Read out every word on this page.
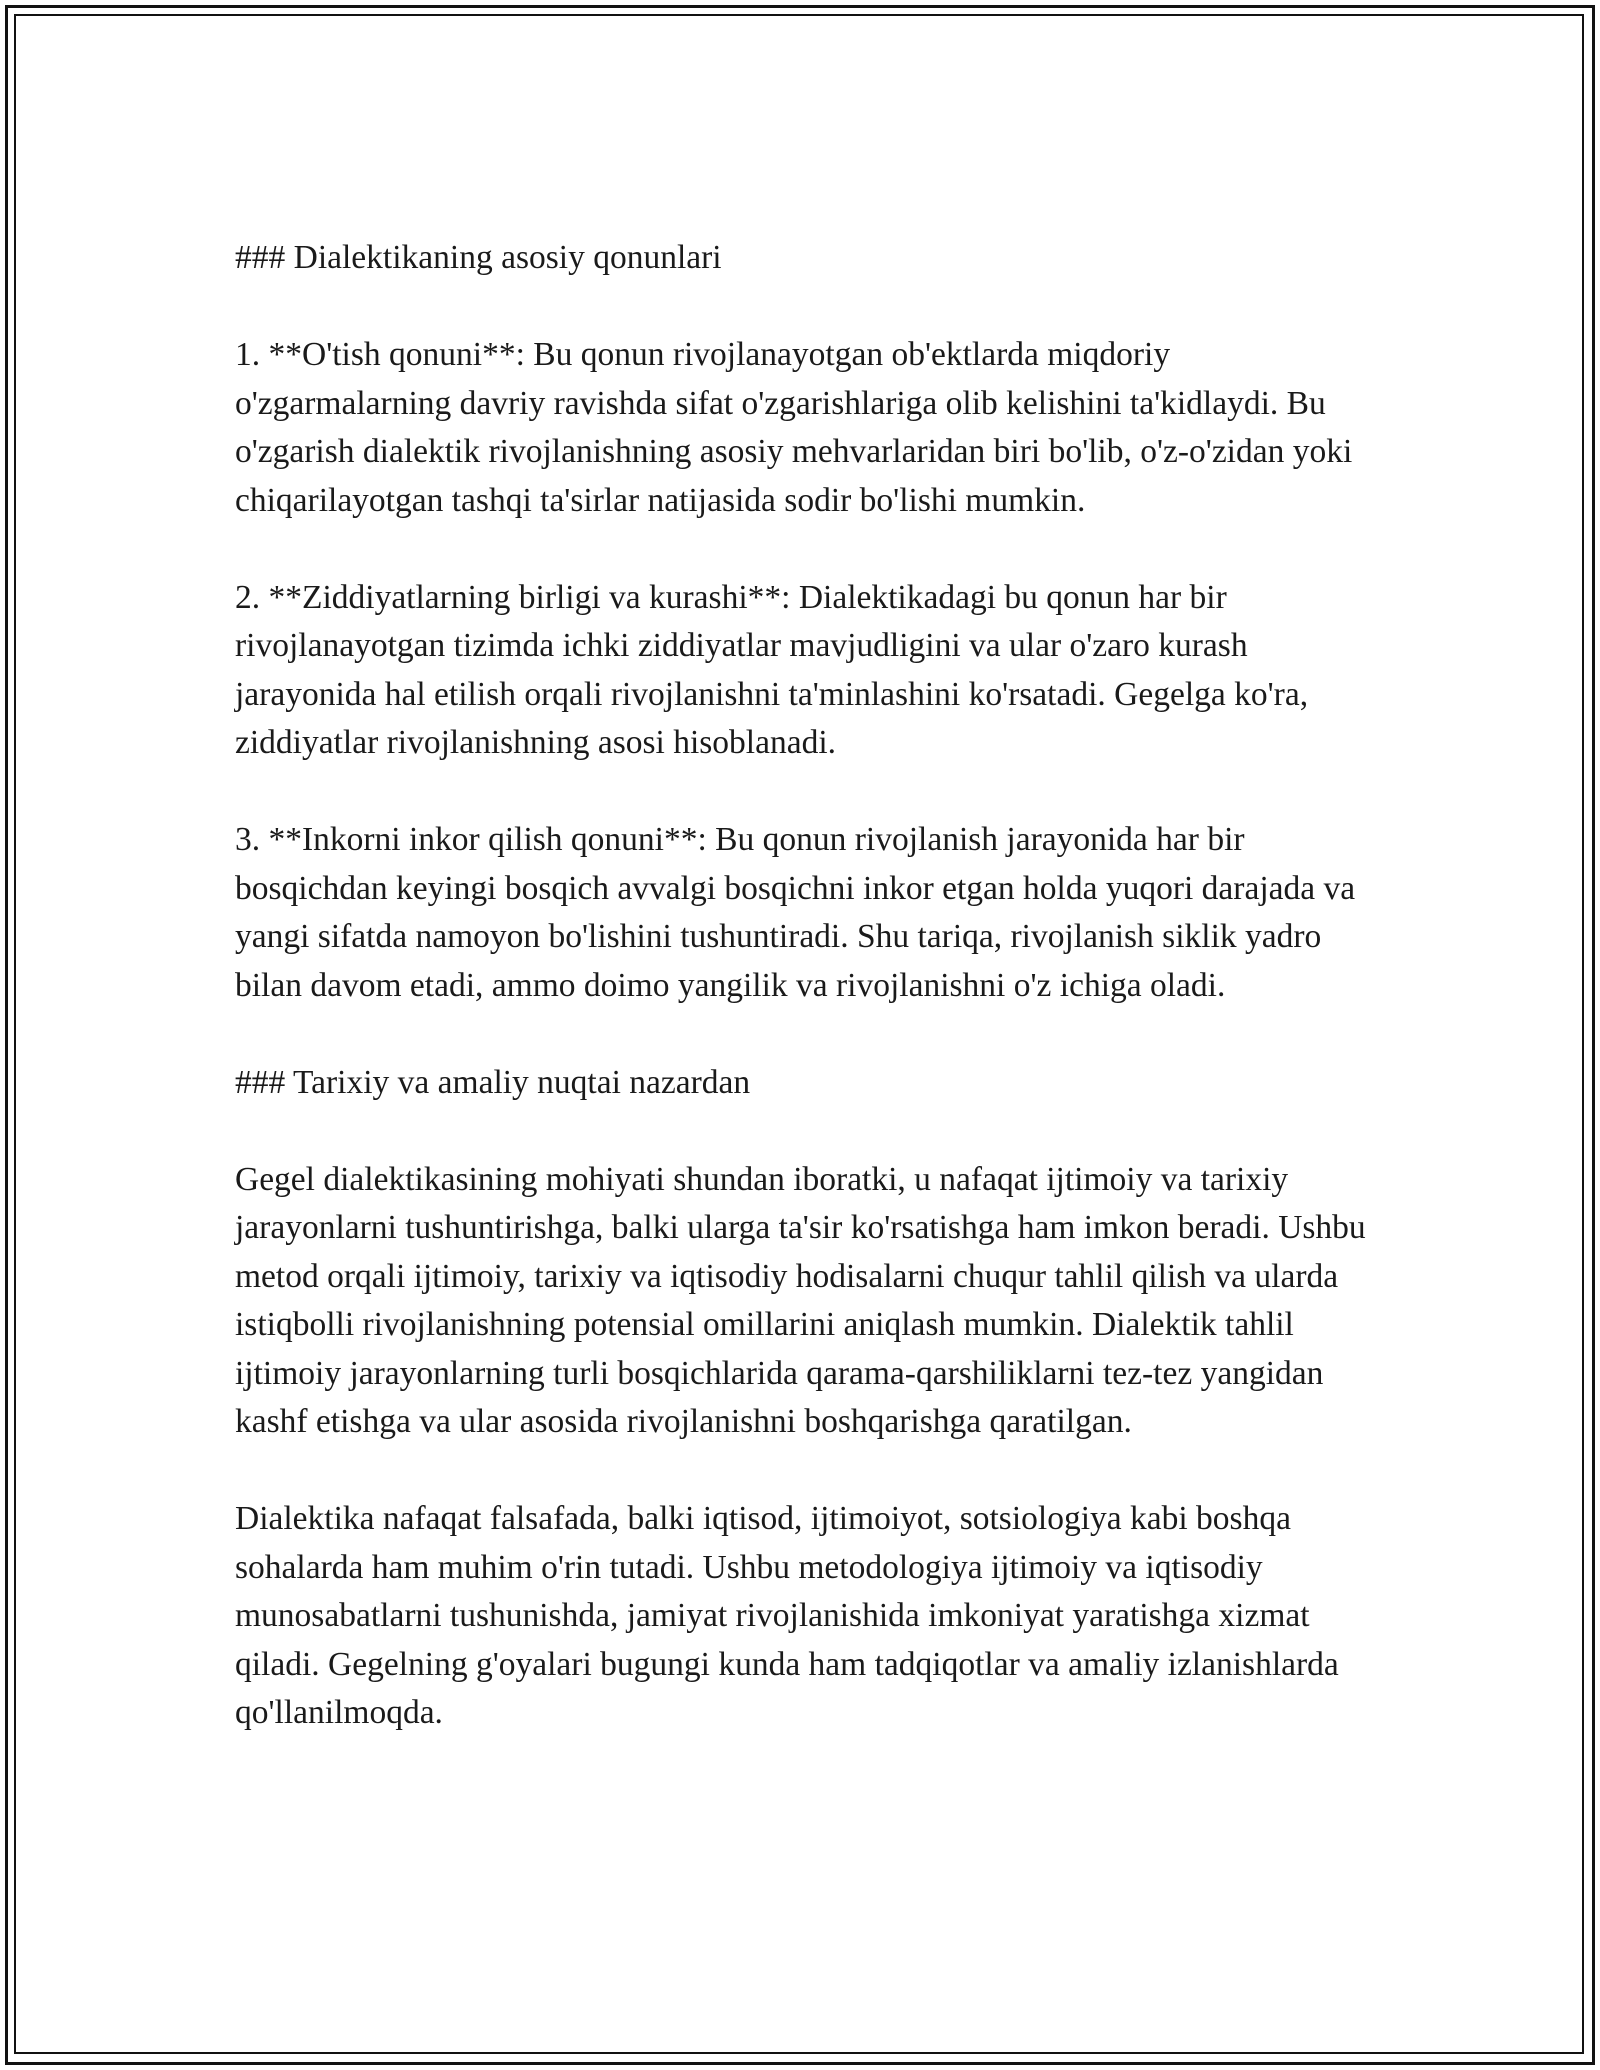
### Dialektikaning asosiy qonunlari

1. **O'tish qonuni**: Bu qonun rivojlanayotgan ob'ektlarda miqdoriy o'zgarmalarning davriy ravishda sifat o'zgarishlariga olib kelishini ta'kidlaydi. Bu o'zgarish dialektik rivojlanishning asosiy mehvarlaridan biri bo'lib, o'z-o'zidan yoki chiqarilayotgan tashqi ta'sirlar natijasida sodir bo'lishi mumkin.

2. **Ziddiyatlarning birligi va kurashi**: Dialektikadagi bu qonun har bir rivojlanayotgan tizimda ichki ziddiyatlar mavjudligini va ular o'zaro kurash jarayonida hal etilish orqali rivojlanishni ta'minlashini ko'rsatadi. Gegelga ko'ra, ziddiyatlar rivojlanishning asosi hisoblanadi.

3. **Inkorni inkor qilish qonuni**: Bu qonun rivojlanish jarayonida har bir bosqichdan keyingi bosqich avvalgi bosqichni inkor etgan holda yuqori darajada va yangi sifatda namoyon bo'lishini tushuntiradi. Shu tariqa, rivojlanish siklik yadro bilan davom etadi, ammo doimo yangilik va rivojlanishni o'z ichiga oladi.

### Tarixiy va amaliy nuqtai nazardan

Gegel dialektikasining mohiyati shundan iboratki, u nafaqat ijtimoiy va tarixiy jarayonlarni tushuntirishga, balki ularga ta'sir ko'rsatishga ham imkon beradi. Ushbu metod orqali ijtimoiy, tarixiy va iqtisodiy hodisalarni chuqur tahlil qilish va ularda istiqbolli rivojlanishning potensial omillarini aniqlash mumkin. Dialektik tahlil ijtimoiy jarayonlarning turli bosqichlarida qarama-qarshiliklarni tez-tez yangidan kashf etishga va ular asosida rivojlanishni boshqarishga qaratilgan.

Dialektika nafaqat falsafada, balki iqtisod, ijtimoiyot, sotsiologiya kabi boshqa sohalarda ham muhim o'rin tutadi. Ushbu metodologiya ijtimoiy va iqtisodiy munosabatlarni tushunishda, jamiyat rivojlanishida imkoniyat yaratishga xizmat qiladi. Gegelning g'oyalari bugungi kunda ham tadqiqotlar va amaliy izlanishlarda qo'llanilmoqda.
